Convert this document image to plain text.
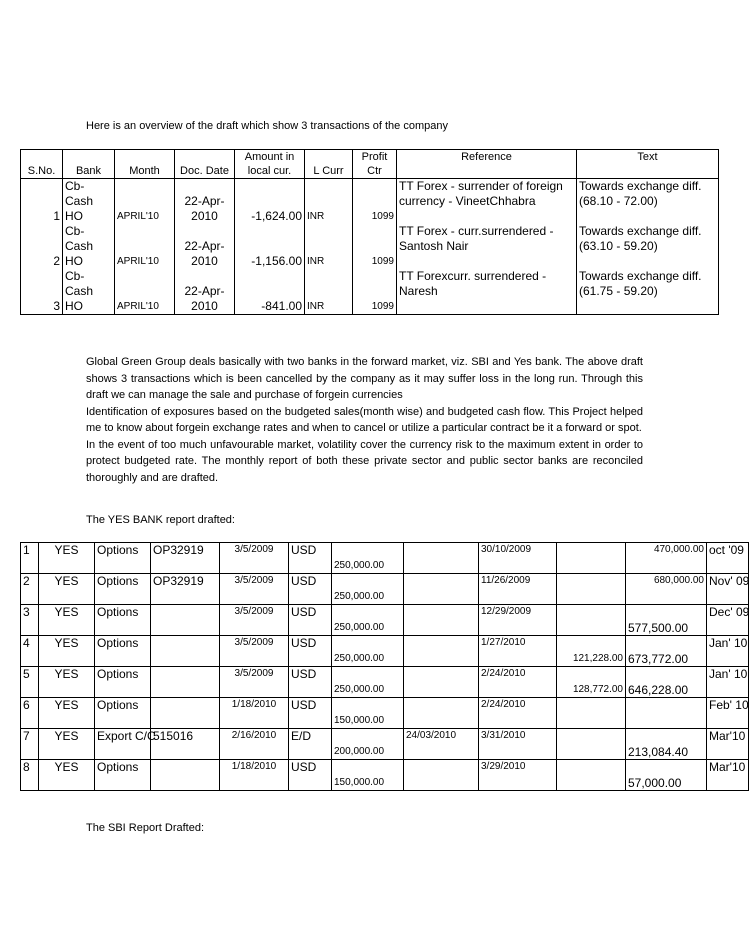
Here is an overview of the draft which show 3 transactions of the company
S.No.	Bank	Month	Doc. Date	Amount in local cur.	L Curr	Profit Ctr	Reference	Text
1	Cb- Cash HO	APRIL'10	22-Apr- 2010	-1,624.00	INR	1099	TT Forex - surrender of foreign currency - VineetChhabra	Towards exchange diff. (68.10 - 72.00)
2	Cb- Cash HO	APRIL'10	22-Apr- 2010	-1,156.00	INR	1099	TT Forex - curr.surrendered - Santosh Nair	Towards exchange diff. (63.10 - 59.20)
3	Cb- Cash HO	APRIL'10	22-Apr- 2010	-841.00	INR	1099	TT Forexcurr. surrendered - Naresh	Towards exchange diff. (61.75 - 59.20)

Global Green Group deals basically with two banks in the forward market, viz. SBI and Yes bank. The above draft shows 3 transactions which is been cancelled by the company as it may suffer loss in the long run. Through this draft we can manage the sale and purchase of forgein currencies

Identification of exposures based on the budgeted sales(month wise) and budgeted cash flow. This Project helped me to know about forgein exchange rates and when to cancel or utilize a particular contract be it a forward or spot.

In the event of too much unfavourable market, volatility cover the currency risk to the maximum extent in order to protect budgeted rate. The monthly report of both these private sector and public sector banks are reconciled thoroughly and are drafted.

The YES BANK report drafted:
1	YES	Options	OP32919	3/5/2009	USD	250,000.00		30/10/2009		470,000.00	oct '09
2	YES	Options	OP32919	3/5/2009	USD	250,000.00		11/26/2009		680,000.00	Nov' 09
3	YES	Options		3/5/2009	USD	250,000.00		12/29/2009		577,500.00	Dec' 09
4	YES	Options		3/5/2009	USD	250,000.00		1/27/2010	121,228.00	673,772.00	Jan' 10
5	YES	Options		3/5/2009	USD	250,000.00		2/24/2010	128,772.00	646,228.00	Jan' 10
6	YES	Options		1/18/2010	USD	150,000.00		2/24/2010			Feb' 10
7	YES	Export C/C	515016	2/16/2010	E/D	200,000.00	24/03/2010	3/31/2010		213,084.40	Mar'10
8	YES	Options		1/18/2010	USD	150,000.00		3/29/2010		57,000.00	Mar'10
The SBI Report Drafted:
